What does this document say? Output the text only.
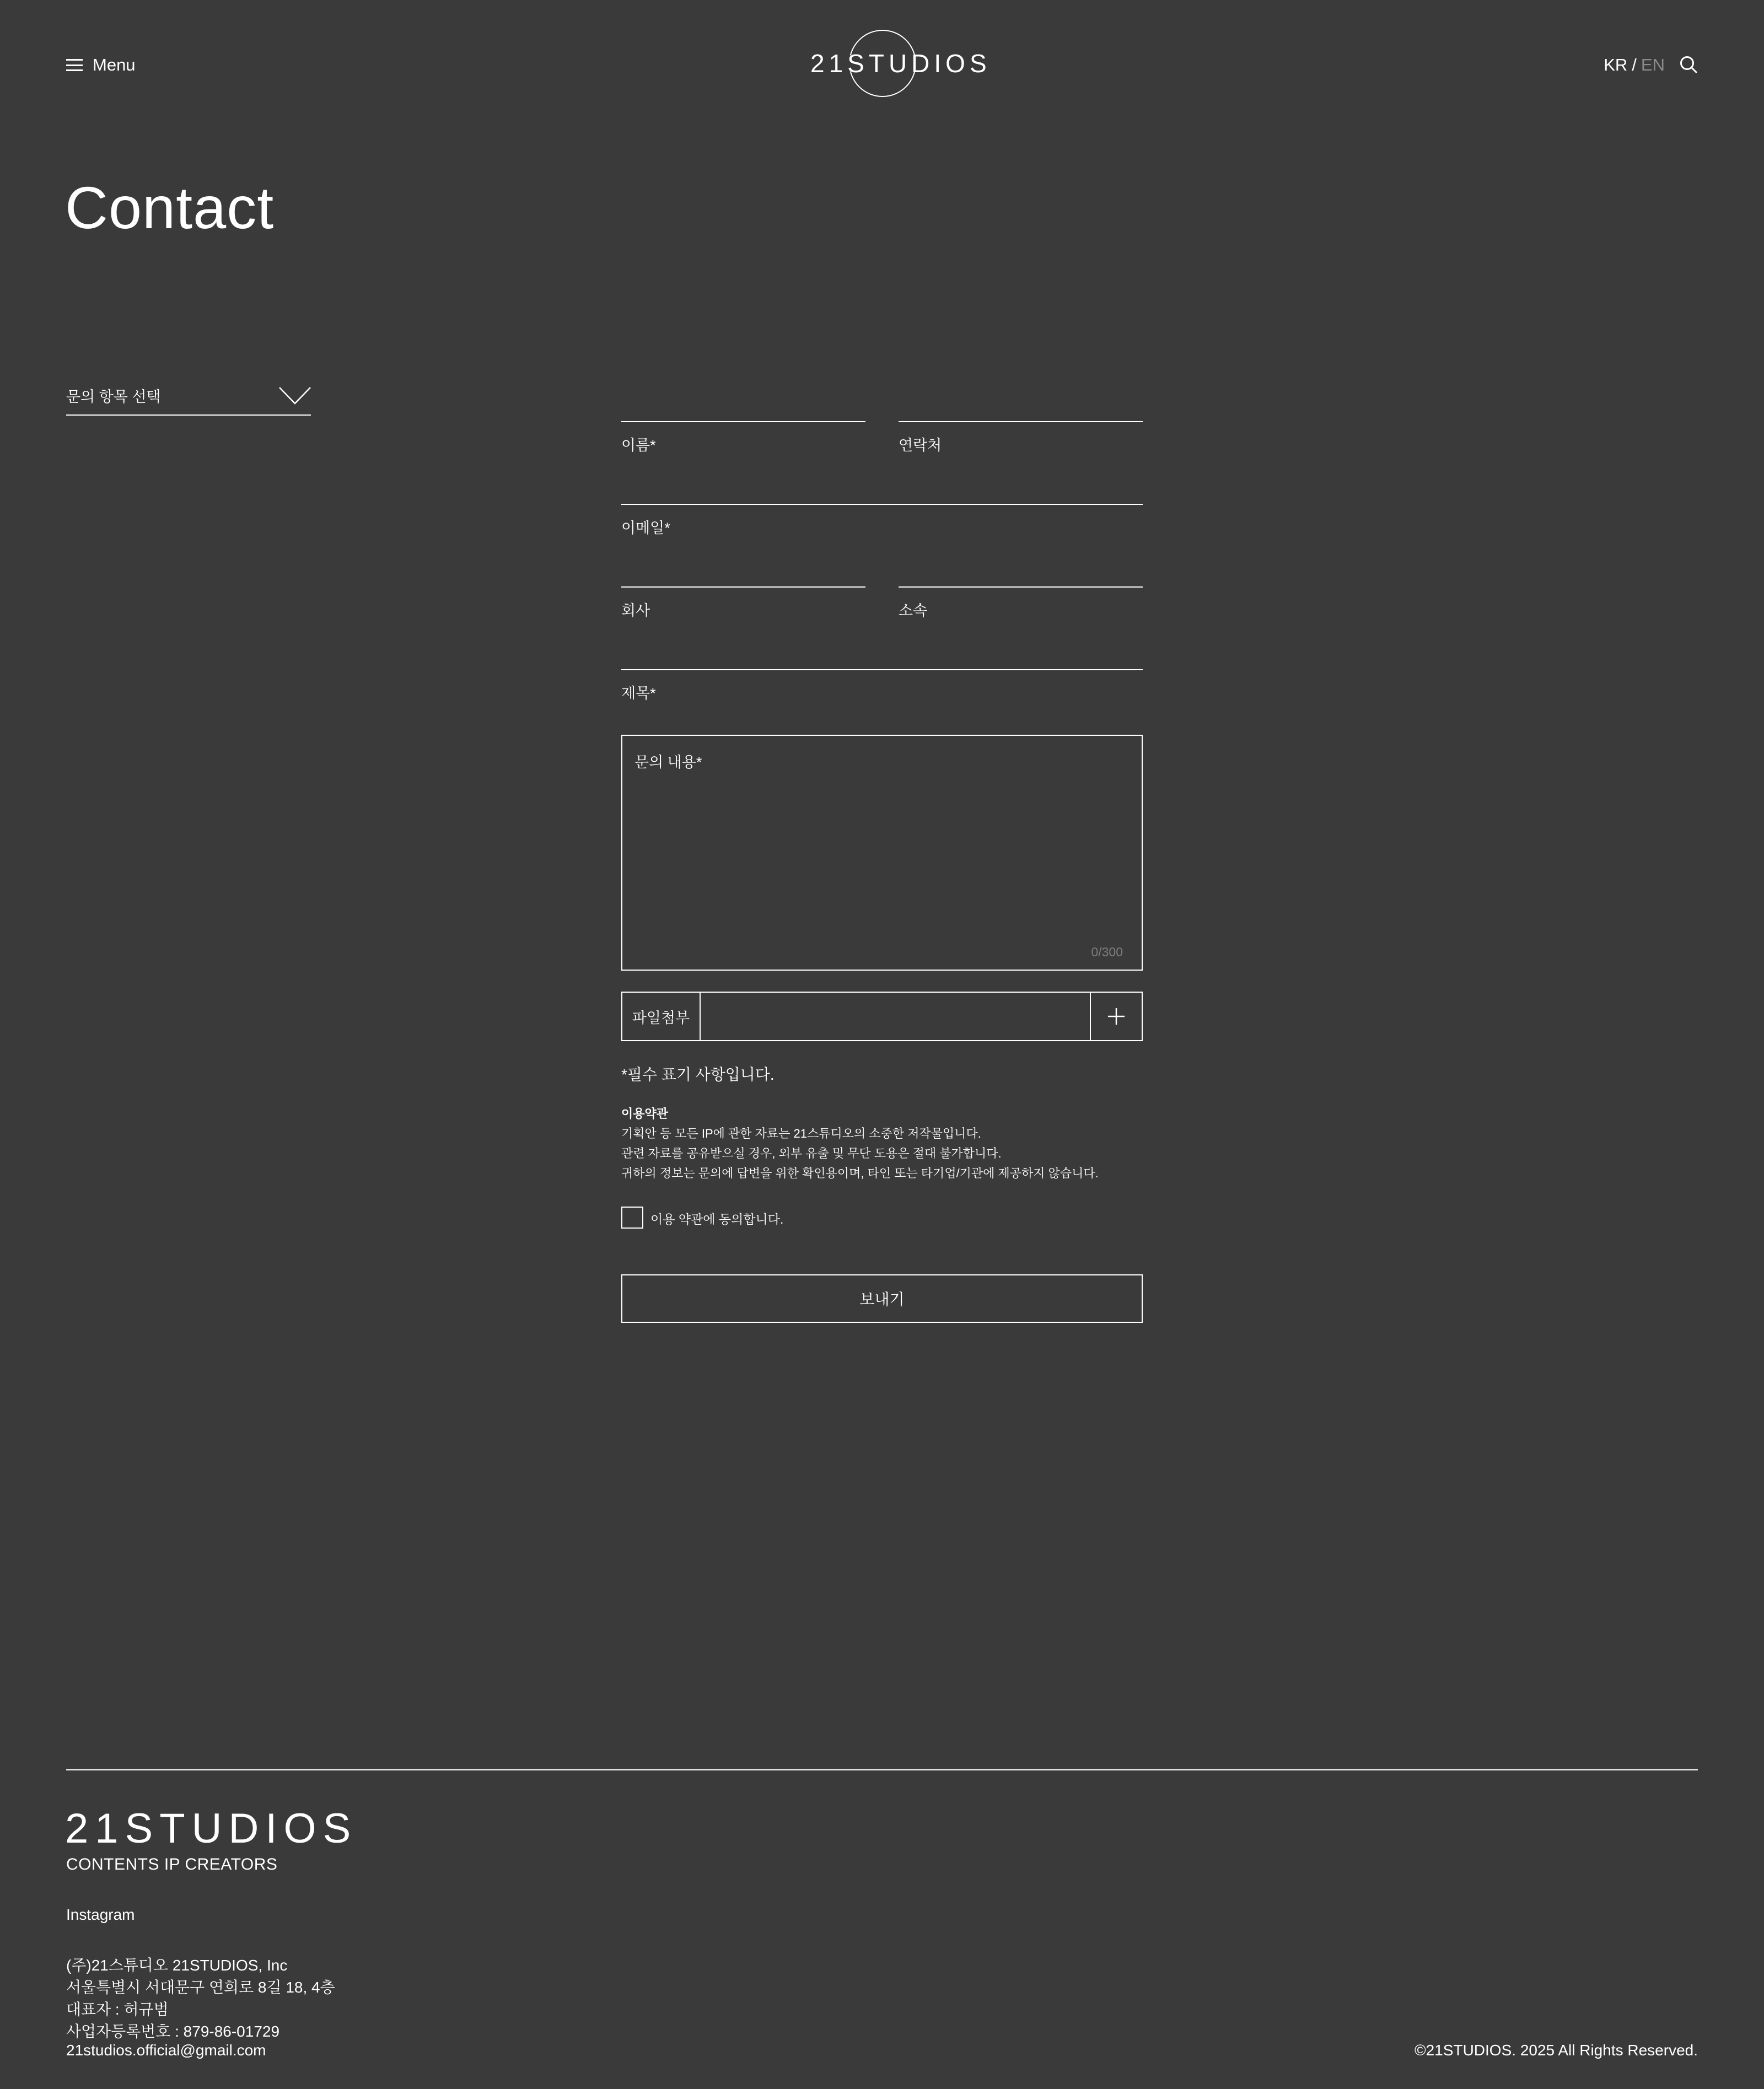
Menu	21STUDIOS	KR / EN
Contact
문의 항목 선택
이름*	연락처
이메일*
회사	소속
제목*
문의 내용*
0/300
파일첨부
*필수 표기 사항입니다.
이용약관
기획안 등 모든 IP에 관한 자료는 21스튜디오의 소중한 저작물입니다.
관련 자료를 공유받으실 경우, 외부 유출 및 무단 도용은 절대 불가합니다.
귀하의 정보는 문의에 답변을 위한 확인용이며, 타인 또는 타기업/기관에 제공하지 않습니다.
이용 약관에 동의합니다.
보내기
21STUDIOS
CONTENTS IP CREATORS
Instagram
(주)21스튜디오 21STUDIOS, Inc
서울특별시 서대문구 연희로 8길 18, 4층
대표자 : 허규범
사업자등록번호 : 879-86-01729
21studios.official@gmail.com	©21STUDIOS. 2025 All Rights Reserved.
